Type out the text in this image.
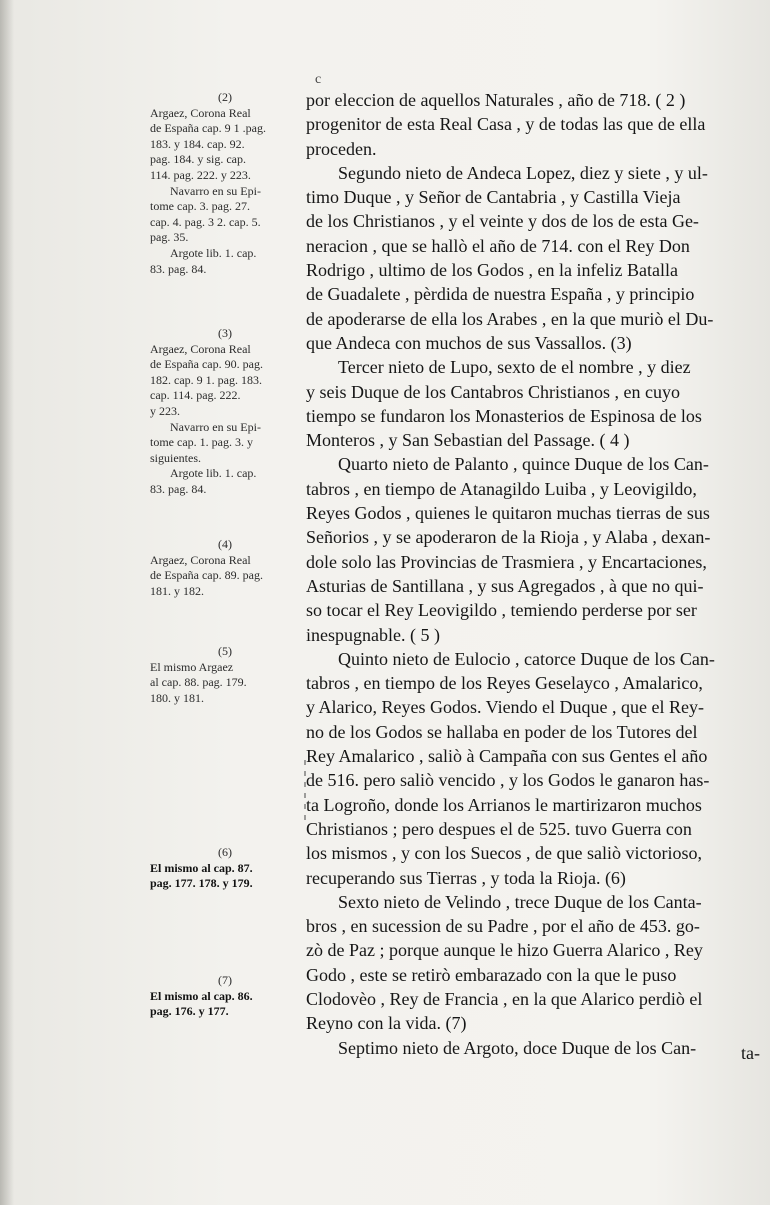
c
(2)
Argaez, Corona Real
de España cap. 9 1 .pag.
183. y 184. cap. 92.
pag. 184. y sig. cap.
114. pag. 222. y 223.
Navarro en su Epi-
tome cap. 3. pag. 27.
cap. 4. pag. 3 2. cap. 5.
pag. 35.
Argote lib. 1. cap.
83. pag. 84.
(3)
Argaez, Corona Real
de España cap. 90. pag.
182. cap. 9 1. pag. 183.
cap. 114. pag. 222.
y 223.
Navarro en su Epi-
tome cap. 1. pag. 3. y
siguientes.
Argote lib. 1. cap.
83. pag. 84.
(4)
Argaez, Corona Real
de España cap. 89. pag.
181. y 182.
(5)
El mismo Argaez
al cap. 88. pag. 179.
180. y 181.
(6)
El mismo al cap. 87.
pag. 177. 178. y 179.
(7)
El mismo al cap. 86.
pag. 176. y 177.
por eleccion de aquellos Naturales , año de 718. ( 2 )
progenitor de esta Real Casa , y de todas las que de ella
proceden.
Segundo nieto de Andeca Lopez, diez y siete , y ul-
timo Duque , y Señor de Cantabria , y Castilla Vieja
de los Christianos , y el veinte y dos de los de esta Ge-
neracion , que se hallò el año de 714. con el Rey Don
Rodrigo , ultimo de los Godos , en la infeliz Batalla
de Guadalete , pèrdida de nuestra España , y principio
de apoderarse de ella los Arabes , en la que muriò el Du-
que Andeca con muchos de sus Vassallos. (3)
Tercer nieto de Lupo, sexto de el nombre , y diez
y seis Duque de los Cantabros Christianos , en cuyo
tiempo se fundaron los Monasterios de Espinosa de los
Monteros , y San Sebastian del Passage. ( 4 )
Quarto nieto de Palanto , quince Duque de los Can-
tabros , en tiempo de Atanagildo Luiba , y Leovigildo,
Reyes Godos , quienes le quitaron muchas tierras de sus
Señorios , y se apoderaron de la Rioja , y Alaba , dexan-
dole solo las Provincias de Trasmiera , y Encartaciones,
Asturias de Santillana , y sus Agregados , à que no qui-
so tocar el Rey Leovigildo , temiendo perderse por ser
inespugnable. ( 5 )
Quinto nieto de Eulocio , catorce Duque de los Can-
tabros , en tiempo de los Reyes Geselayco , Amalarico,
y Alarico, Reyes Godos. Viendo el Duque , que el Rey-
no de los Godos se hallaba en poder de los Tutores del
Rey Amalarico , saliò à Campaña con sus Gentes el año
de 516. pero saliò vencido , y los Godos le ganaron has-
ta Logroño, donde los Arrianos le martirizaron muchos
Christianos ; pero despues el de 525. tuvo Guerra con
los mismos , y con los Suecos , de que saliò victorioso,
recuperando sus Tierras , y toda la Rioja. (6)
Sexto nieto de Velindo , trece Duque de los Canta-
bros , en sucession de su Padre , por el año de 453. go-
zò de Paz ; porque aunque le hizo Guerra Alarico , Rey
Godo , este se retirò embarazado con la que le puso
Clodovèo , Rey de Francia , en la que Alarico perdiò el
Reyno con la vida. (7)
Septimo nieto de Argoto, doce Duque de los Can-	ta-
